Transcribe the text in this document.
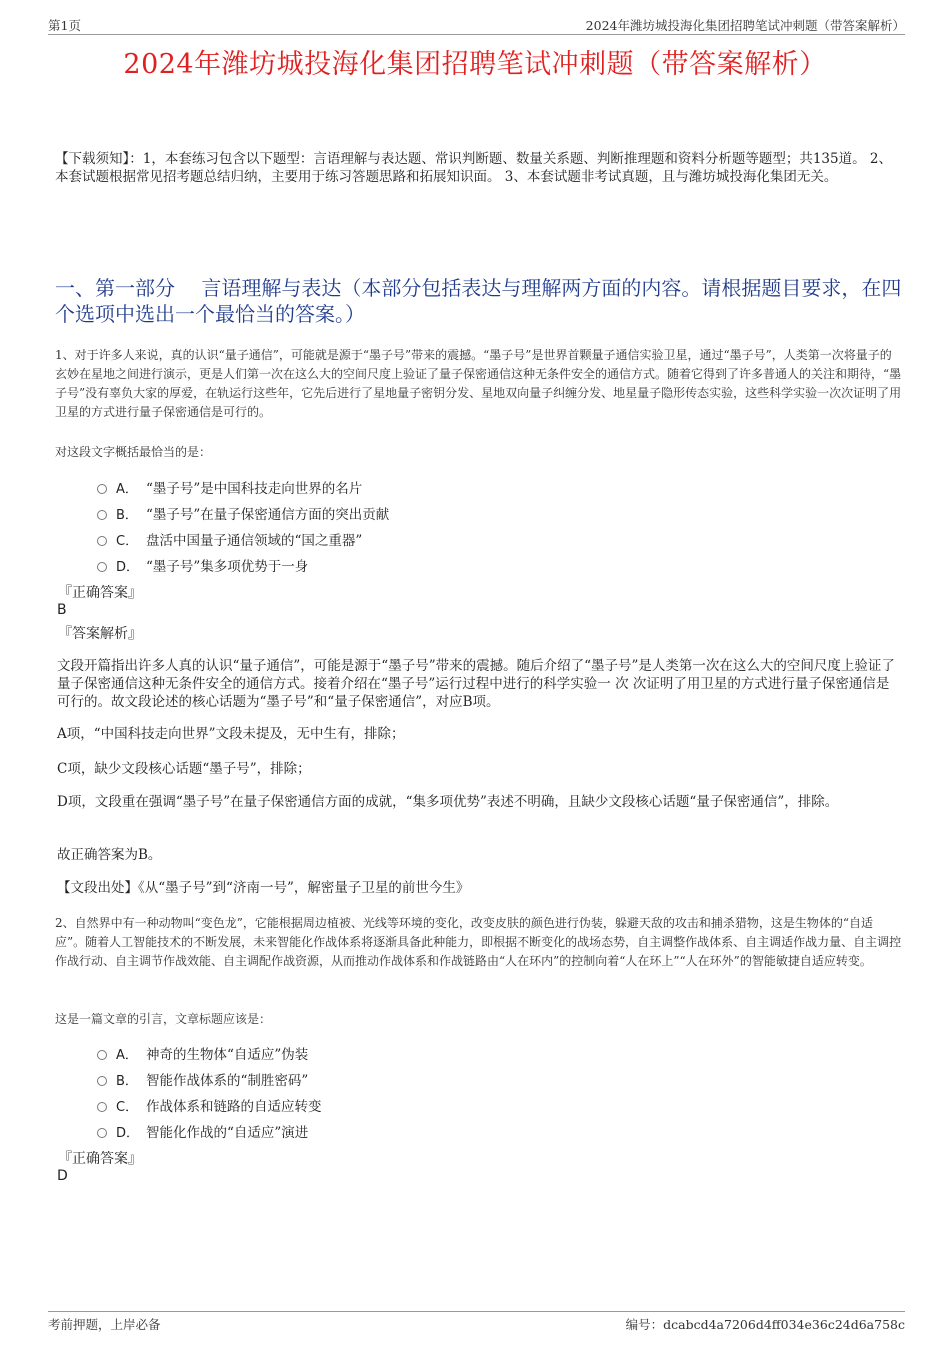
第1页	2024年潍坊城投海化集团招聘笔试冲刺题（带答案解析）
2024年潍坊城投海化集团招聘笔试冲刺题（带答案解析）
【下载须知】：1，本套练习包含以下题型：言语理解与表达题、常识判断题、数量关系题、判断推理题和资料分析题等题型；共135道。 2、本套试题根据常见招考题总结归纳，主要用于练习答题思路和拓展知识面。 3、本套试题非考试真题，且与潍坊城投海化集团无关。
一、第一部分　 言语理解与表达（本部分包括表达与理解两方面的内容。请根据题目要求，在四个选项中选出一个最恰当的答案。）
1、对于许多人来说，真的认识“量子通信”，可能就是源于“墨子号”带来的震撼。“墨子号”是世界首颗量子通信实验卫星，通过“墨子号”，人类第一次将量子的玄妙在星地之间进行演示，更是人们第一次在这么大的空间尺度上验证了量子保密通信这种无条件安全的通信方式。随着它得到了许多普通人的关注和期待，“墨子号”没有辜负大家的厚爱，在轨运行这些年，它先后进行了星地量子密钥分发、星地双向量子纠缠分发、地星量子隐形传态实验，这些科学实验一次次证明了用卫星的方式进行量子保密通信是可行的。
对这段文字概括最恰当的是：
A． “墨子号”是中国科技走向世界的名片
B． “墨子号”在量子保密通信方面的突出贡献
C． 盘活中国量子通信领域的“国之重器”
D． “墨子号”集多项优势于一身
『正确答案』
B
『答案解析』
文段开篇指出许多人真的认识“量子通信”，可能是源于“墨子号”带来的震撼。随后介绍了“墨子号”是人类第一次在这么大的空间尺度上验证了量子保密通信这种无条件安全的通信方式。接着介绍在“墨子号”运行过程中进行的科学实验一 次 次证明了用卫星的方式进行量子保密通信是可行的。故文段论述的核心话题为“墨子号”和“量子保密通信”，对应B项。
A项，“中国科技走向世界”文段未提及，无中生有，排除；
C项，缺少文段核心话题“墨子号”，排除；
D项，文段重在强调“墨子号”在量子保密通信方面的成就，“集多项优势”表述不明确，且缺少文段核心话题“量子保密通信”，排除。
故正确答案为B。
【文段出处】《从“墨子号”到“济南一号”，解密量子卫星的前世今生》
2、自然界中有一种动物叫“变色龙”，它能根据周边植被、光线等环境的变化，改变皮肤的颜色进行伪装，躲避天敌的攻击和捕杀猎物，这是生物体的“自适应”。随着人工智能技术的不断发展，未来智能化作战体系将逐渐具备此种能力，即根据不断变化的战场态势，自主调整作战体系、自主调适作战力量、自主调控作战行动、自主调节作战效能、自主调配作战资源，从而推动作战体系和作战链路由“人在环内”的控制向着“人在环上”“人在环外”的智能敏捷自适应转变。
这是一篇文章的引言，文章标题应该是：
A． 神奇的生物体“自适应”伪装
B． 智能作战体系的“制胜密码”
C． 作战体系和链路的自适应转变
D． 智能化作战的“自适应”演进
『正确答案』
D
考前押题，上岸必备	编号：dcabcd4a7206d4ff034e36c24d6a758c
